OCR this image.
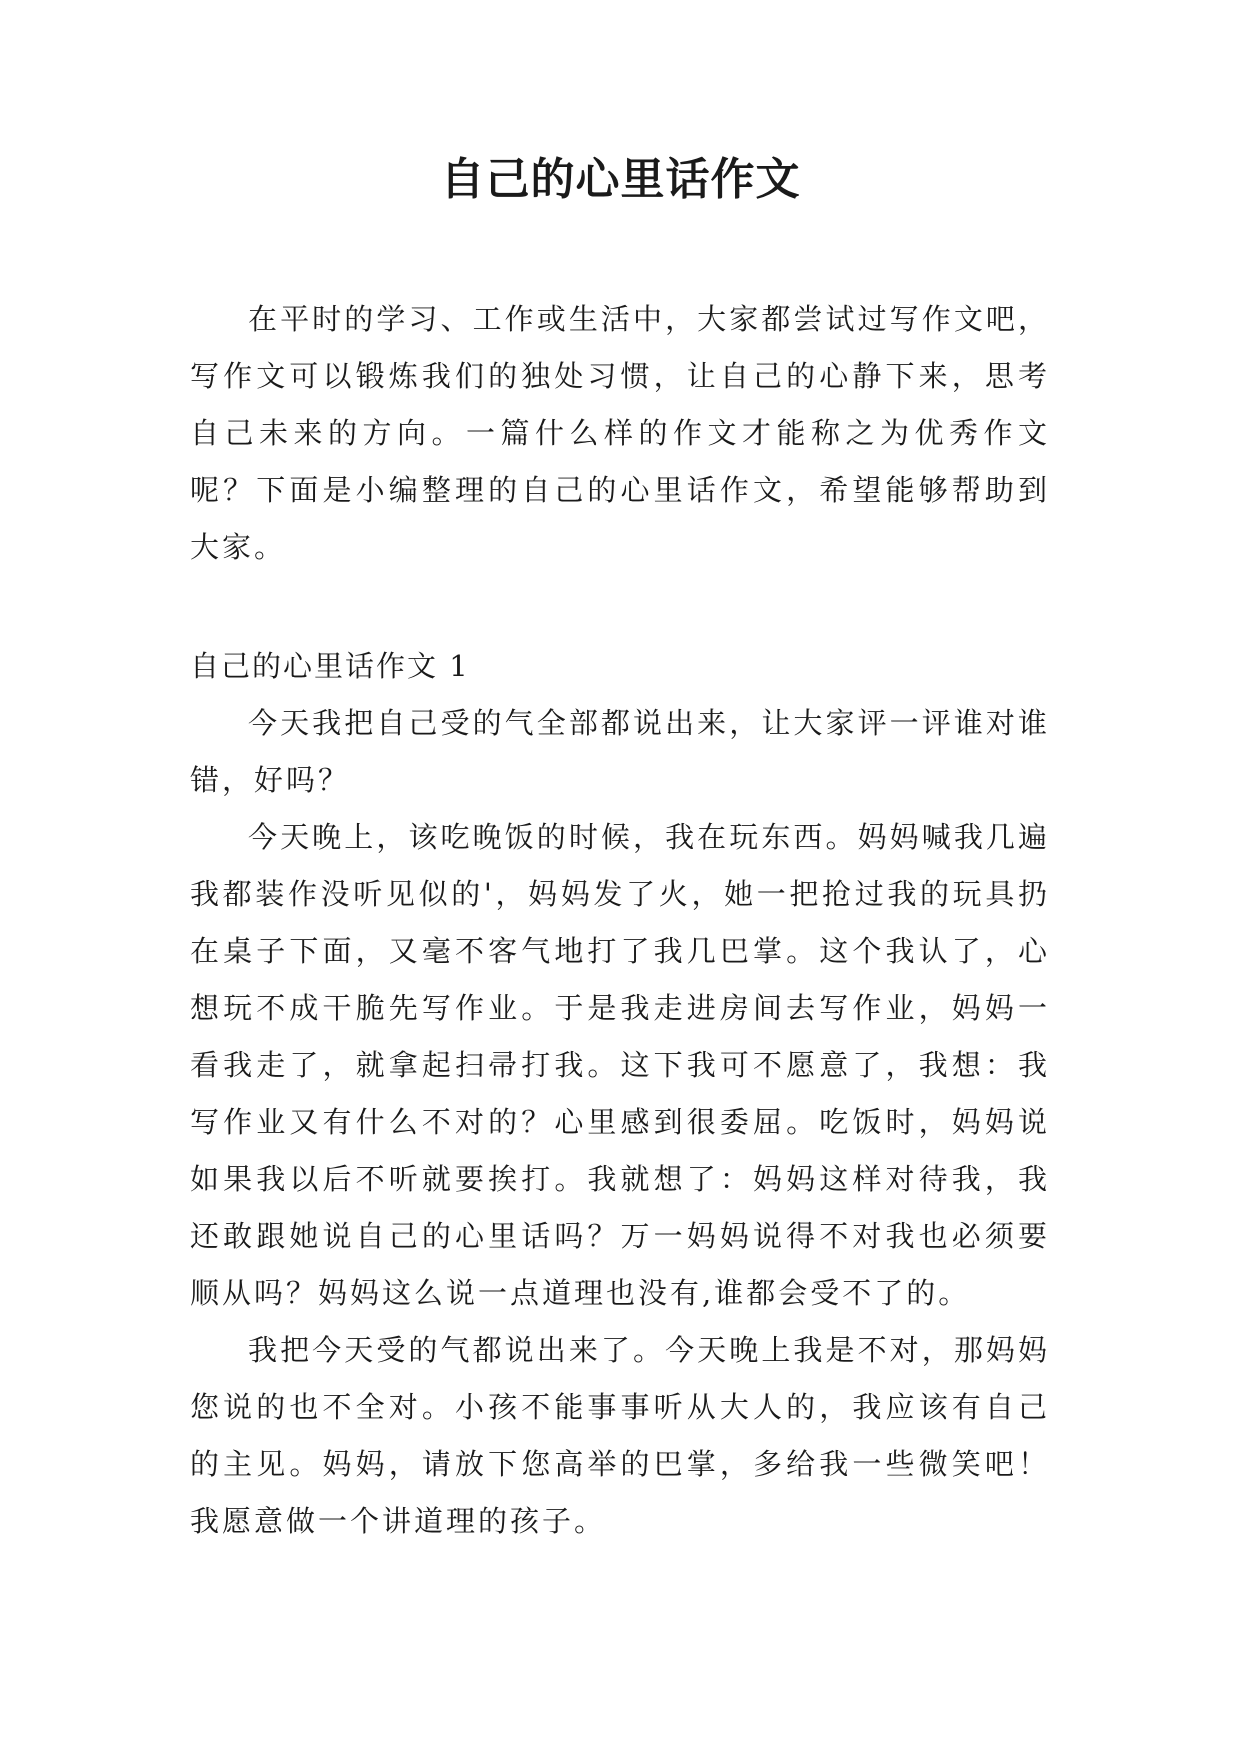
自己的心里话作文

在平时的学习、工作或生活中，大家都尝试过写作文吧，写作文可以锻炼我们的独处习惯，让自己的心静下来，思考自己未来的方向。一篇什么样的作文才能称之为优秀作文呢？下面是小编整理的自己的心里话作文，希望能够帮助到大家。

自己的心里话作文 1

今天我把自己受的气全部都说出来，让大家评一评谁对谁错，好吗？

今天晚上，该吃晚饭的时候，我在玩东西。妈妈喊我几遍我都装作没听见似的'，妈妈发了火，她一把抢过我的玩具扔在桌子下面，又毫不客气地打了我几巴掌。这个我认了，心想玩不成干脆先写作业。于是我走进房间去写作业，妈妈一看我走了，就拿起扫帚打我。这下我可不愿意了，我想：我写作业又有什么不对的？心里感到很委屈。吃饭时，妈妈说如果我以后不听就要挨打。我就想了：妈妈这样对待我，我还敢跟她说自己的心里话吗？万一妈妈说得不对我也必须要顺从吗？妈妈这么说一点道理也没有,谁都会受不了的。

我把今天受的气都说出来了。今天晚上我是不对，那妈妈您说的也不全对。小孩不能事事听从大人的，我应该有自己的主见。妈妈，请放下您高举的巴掌，多给我一些微笑吧！我愿意做一个讲道理的孩子。
